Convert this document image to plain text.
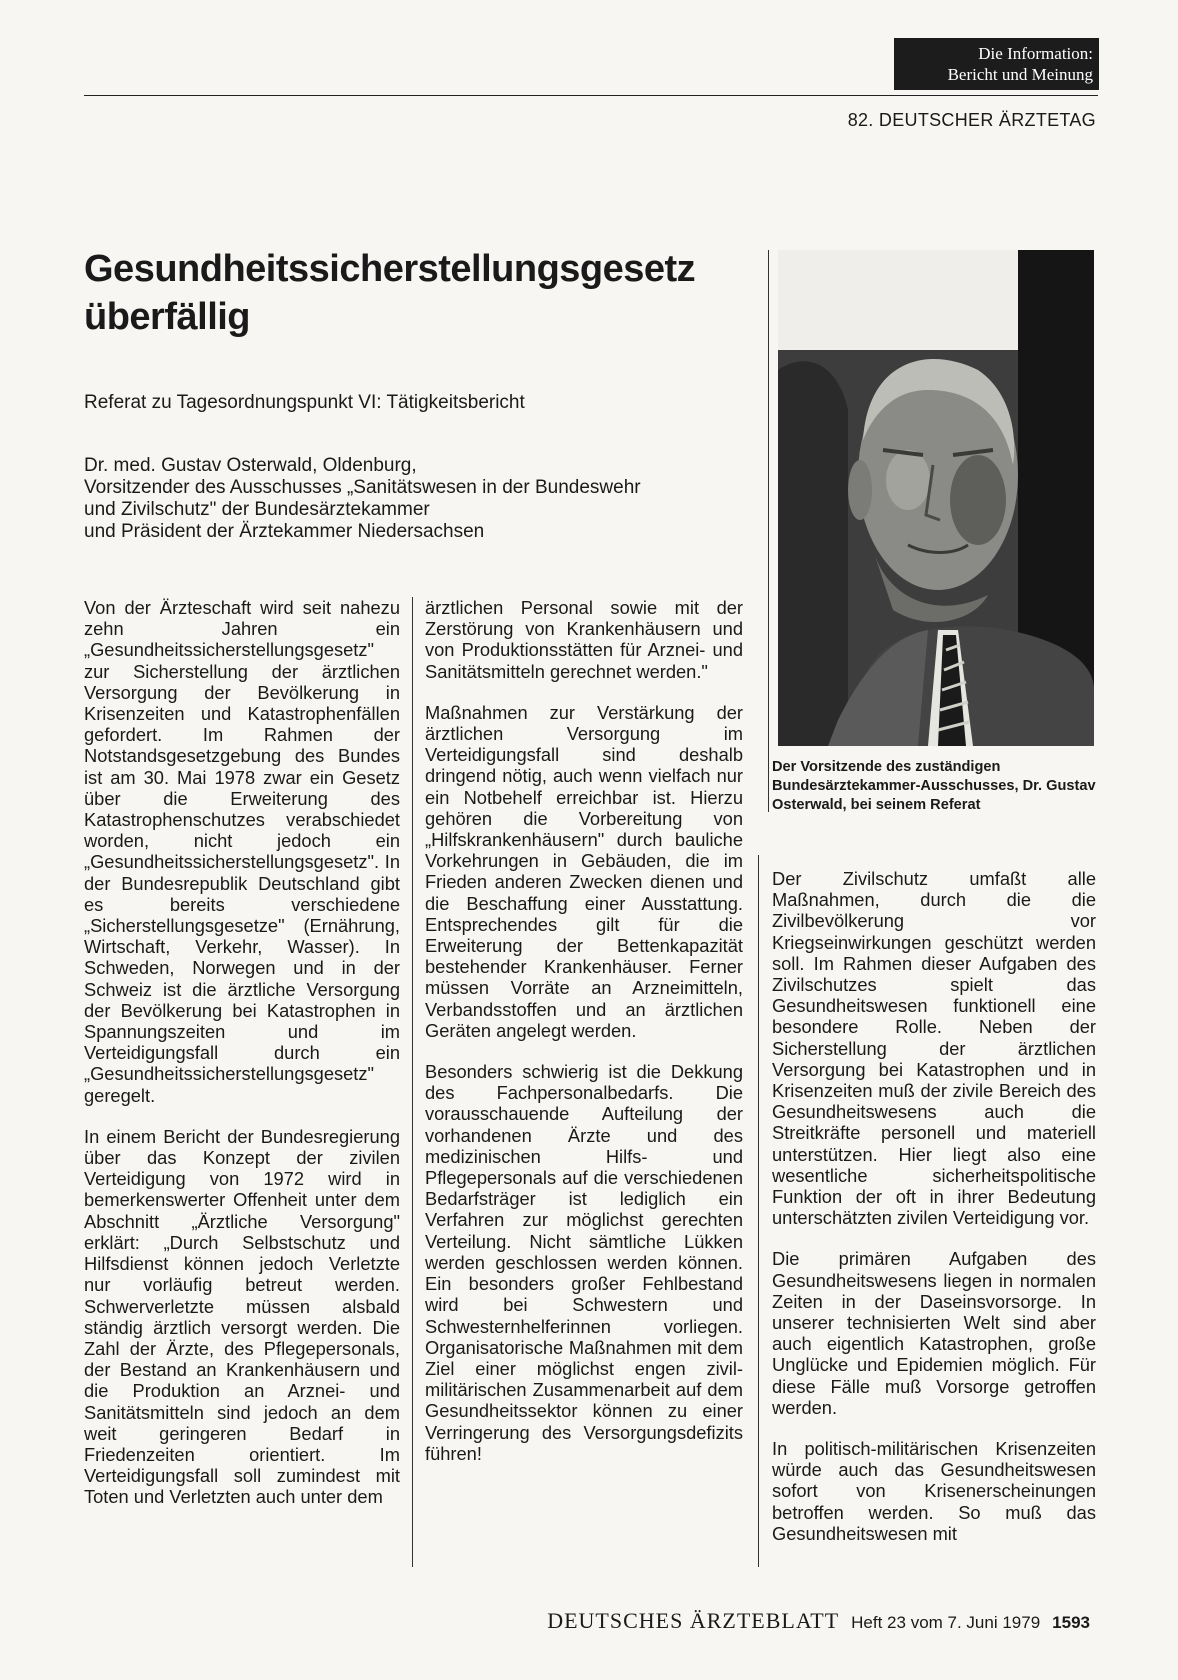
Die Information:
Bericht und Meinung
82. DEUTSCHER ÄRZTETAG
Gesundheitssicherstellungsgesetz
überfällig
Referat zu Tagesordnungspunkt VI: Tätigkeitsbericht
Dr. med. Gustav Osterwald, Oldenburg,
Vorsitzender des Ausschusses „Sanitätswesen in der Bundeswehr
und Zivilschutz" der Bundesärztekammer
und Präsident der Ärztekammer Niedersachsen
Der Vorsitzende des zuständigen Bundesärztekammer-Ausschusses, Dr. Gustav Osterwald, bei seinem Referat

Von der Ärzteschaft wird seit nahezu zehn Jahren ein „Gesundheitssicherstellungsgesetz" zur Sicherstellung der ärztlichen Versorgung der Bevölkerung in Krisenzeiten und Katastrophenfällen gefordert. Im Rahmen der Notstandsgesetzgebung des Bundes ist am 30. Mai 1978 zwar ein Gesetz über die Erweiterung des Katastrophenschutzes verabschiedet worden, nicht jedoch ein „Gesundheitssicherstellungsgesetz". In der Bundesrepublik Deutschland gibt es bereits verschiedene „Sicherstellungsgesetze" (Ernährung, Wirtschaft, Verkehr, Wasser). In Schweden, Norwegen und in der Schweiz ist die ärztliche Versorgung der Bevölkerung bei Katastrophen in Spannungszeiten und im Verteidigungsfall durch ein „Gesundheitssicherstellungsgesetz" geregelt.

In einem Bericht der Bundesregierung über das Konzept der zivilen Verteidigung von 1972 wird in bemerkenswerter Offenheit unter dem Abschnitt „Ärztliche Versorgung" erklärt: „Durch Selbstschutz und Hilfsdienst können jedoch Verletzte nur vorläufig betreut werden. Schwerverletzte müssen alsbald ständig ärztlich versorgt werden. Die Zahl der Ärzte, des Pflegepersonals, der Bestand an Krankenhäusern und die Produktion an Arznei- und Sanitätsmitteln sind jedoch an dem weit geringeren Bedarf in Friedenzeiten orientiert. Im Verteidigungsfall soll zumindest mit Toten und Verletzten auch unter dem

ärztlichen Personal sowie mit der Zerstörung von Krankenhäusern und von Produktionsstätten für Arznei- und Sanitätsmitteln gerechnet werden."

Maßnahmen zur Verstärkung der ärztlichen Versorgung im Verteidigungsfall sind deshalb dringend nötig, auch wenn vielfach nur ein Notbehelf erreichbar ist. Hierzu gehören die Vorbereitung von „Hilfskrankenhäusern" durch bauliche Vorkehrungen in Gebäuden, die im Frieden anderen Zwecken dienen und die Beschaffung einer Ausstattung. Entsprechendes gilt für die Erweiterung der Bettenkapazität bestehender Krankenhäuser. Ferner müssen Vorräte an Arzneimitteln, Verbandsstoffen und an ärztlichen Geräten angelegt werden.

Besonders schwierig ist die Dekkung des Fachpersonalbedarfs. Die vorausschauende Aufteilung der vorhandenen Ärzte und des medizinischen Hilfs- und Pflegepersonals auf die verschiedenen Bedarfsträger ist lediglich ein Verfahren zur möglichst gerechten Verteilung. Nicht sämtliche Lükken werden geschlossen werden können. Ein besonders großer Fehlbestand wird bei Schwestern und Schwesternhelferinnen vorliegen. Organisatorische Maßnahmen mit dem Ziel einer möglichst engen zivil-militärischen Zusammenarbeit auf dem Gesundheitssektor können zu einer Verringerung des Versorgungsdefizits führen!

Der Zivilschutz umfaßt alle Maßnahmen, durch die die Zivilbevölkerung vor Kriegseinwirkungen geschützt werden soll. Im Rahmen dieser Aufgaben des Zivilschutzes spielt das Gesundheitswesen funktionell eine besondere Rolle. Neben der Sicherstellung der ärztlichen Versorgung bei Katastrophen und in Krisenzeiten muß der zivile Bereich des Gesundheitswesens auch die Streitkräfte personell und materiell unterstützen. Hier liegt also eine wesentliche sicherheitspolitische Funktion der oft in ihrer Bedeutung unterschätzten zivilen Verteidigung vor.

Die primären Aufgaben des Gesundheitswesens liegen in normalen Zeiten in der Daseinsvorsorge. In unserer technisierten Welt sind aber auch eigentlich Katastrophen, große Unglücke und Epidemien möglich. Für diese Fälle muß Vorsorge getroffen werden.

In politisch-militärischen Krisenzeiten würde auch das Gesundheitswesen sofort von Krisenerscheinungen betroffen werden. So muß das Gesundheitswesen mit

DEUTSCHES ÄRZTEBLATT Heft 23 vom 7. Juni 1979 1593
